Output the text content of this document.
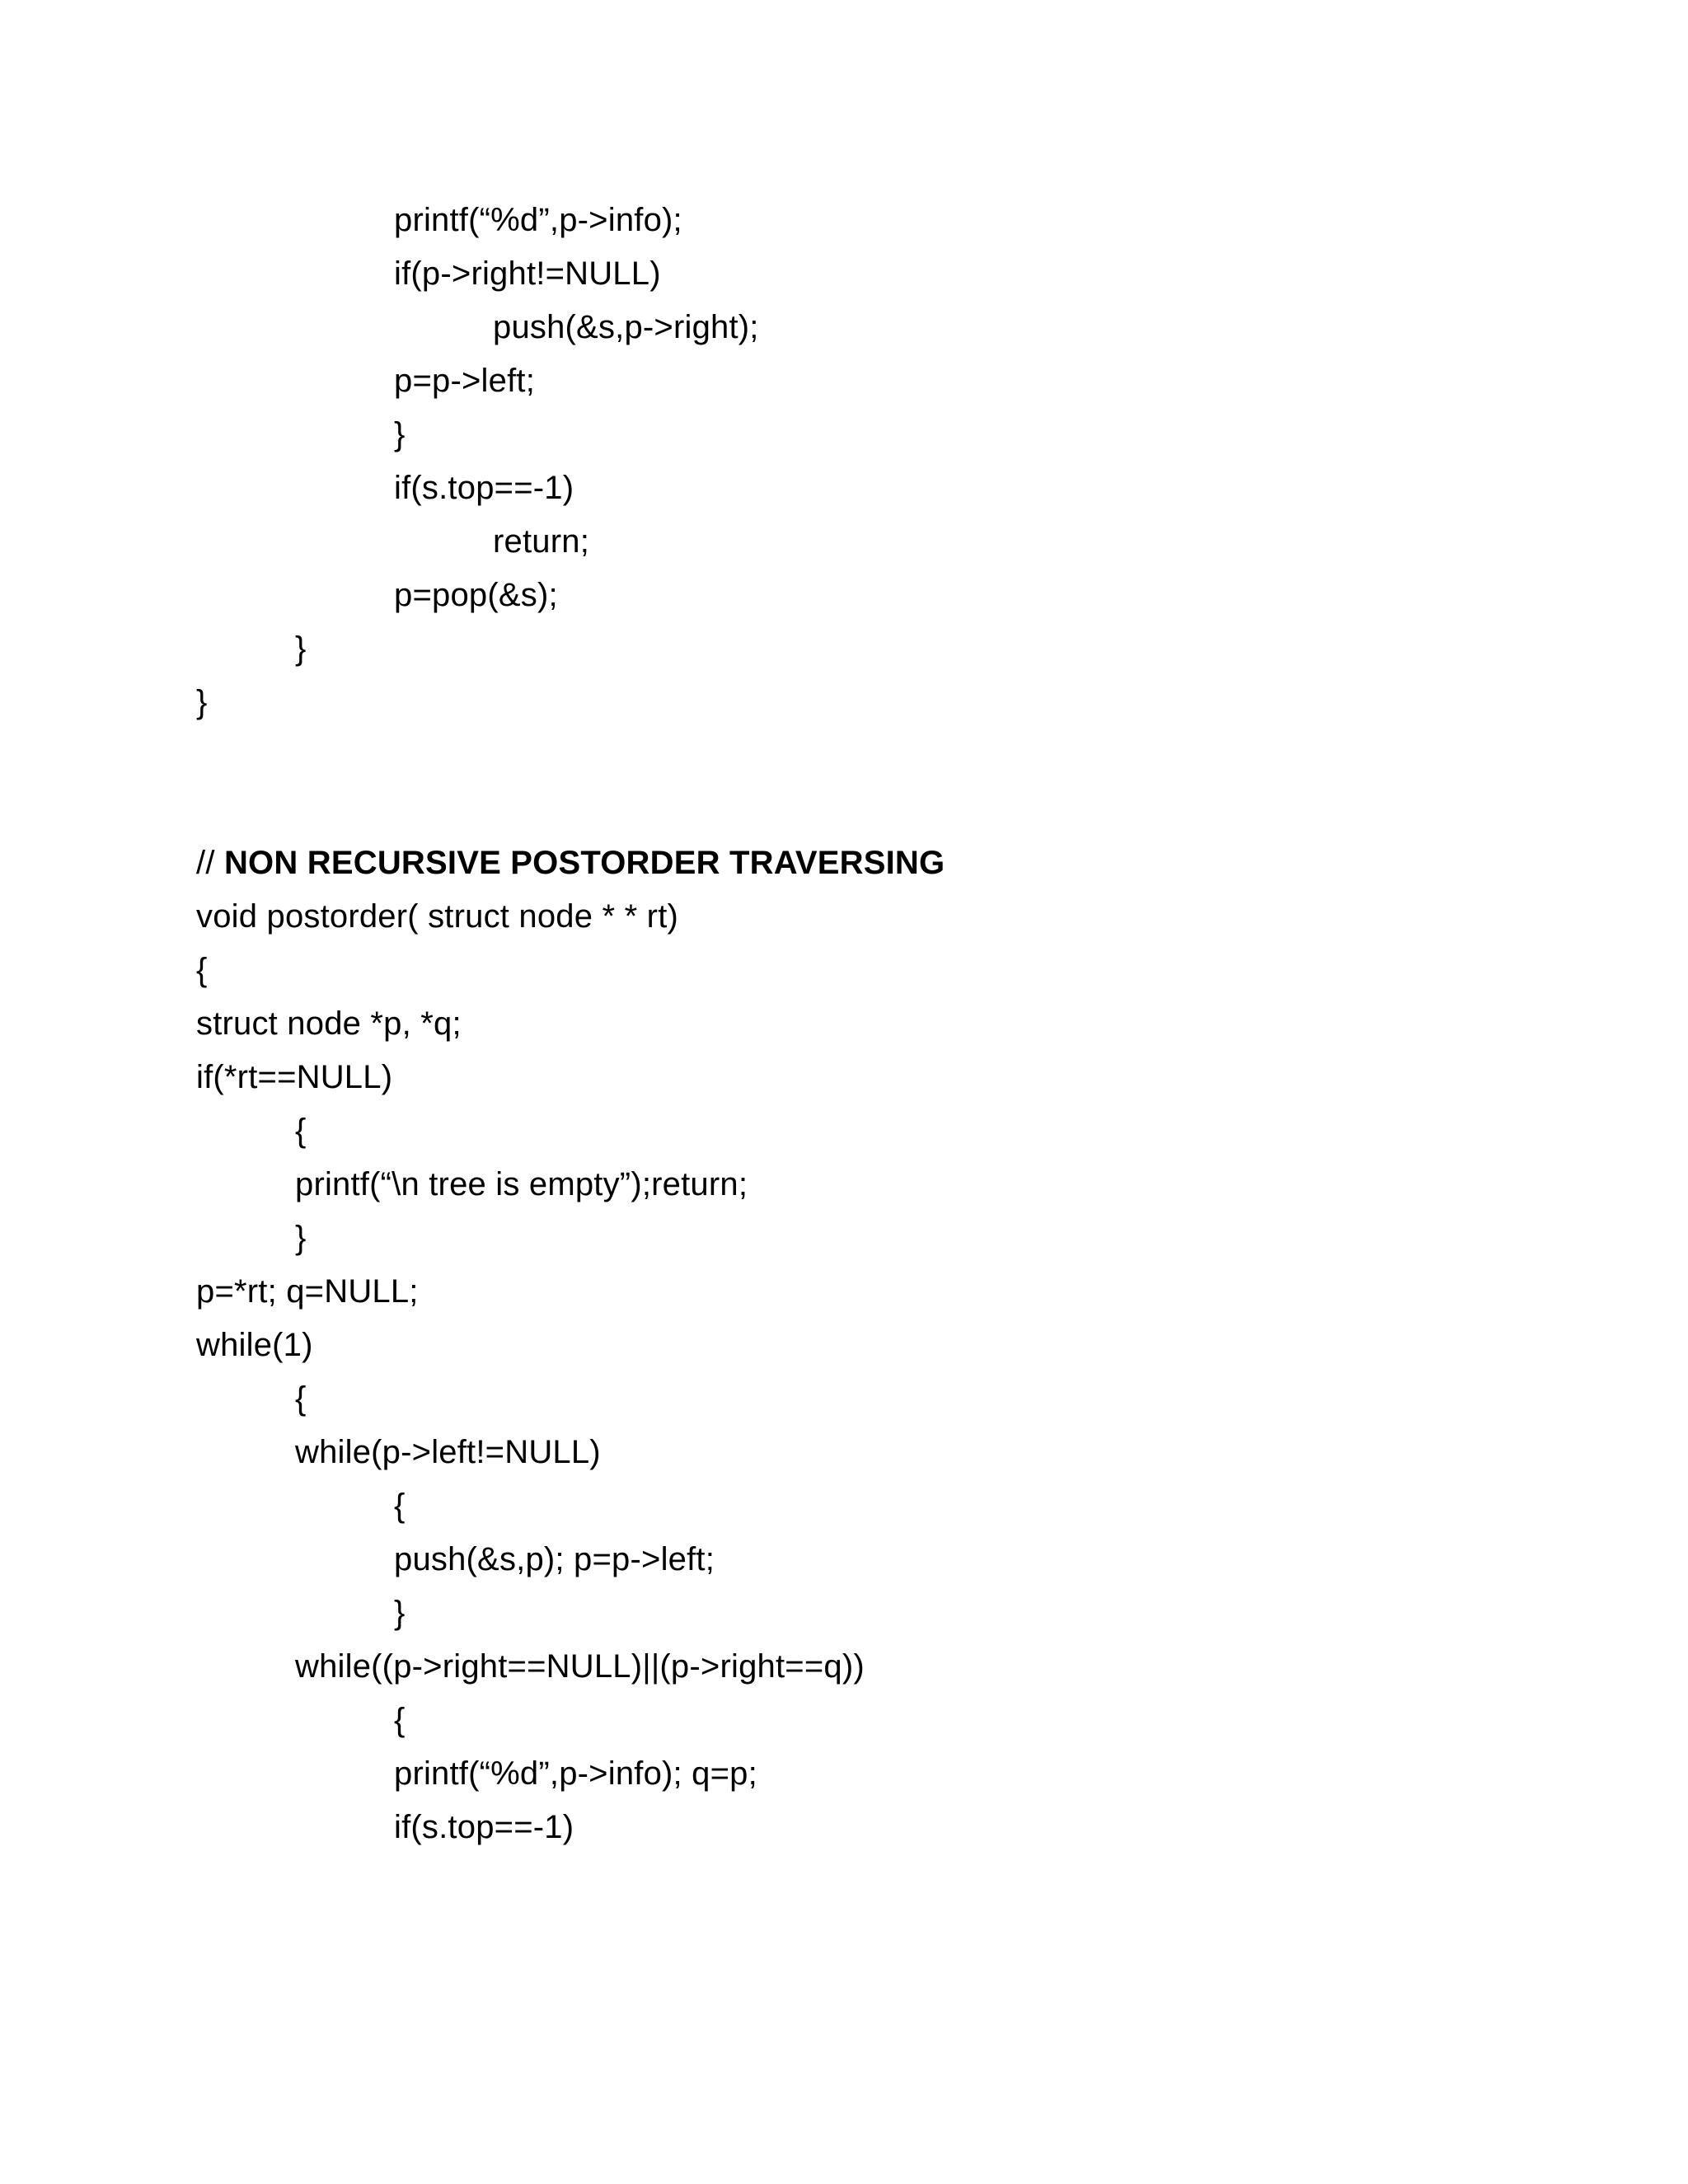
printf(“%d”,p->info);
if(p->right!=NULL)
push(&s,p->right);
p=p->left;
}
if(s.top==-1)
return;
p=pop(&s);
}
}
// NON RECURSIVE POSTORDER TRAVERSING
void postorder( struct node * * rt)
{
struct node *p, *q;
if(*rt==NULL)
{
printf(“\n tree is empty”);return;
}
p=*rt; q=NULL;
while(1)
{
while(p->left!=NULL)
{
push(&s,p); p=p->left;
}
while((p->right==NULL)||(p->right==q))
{
printf(“%d”,p->info); q=p;
if(s.top==-1)
